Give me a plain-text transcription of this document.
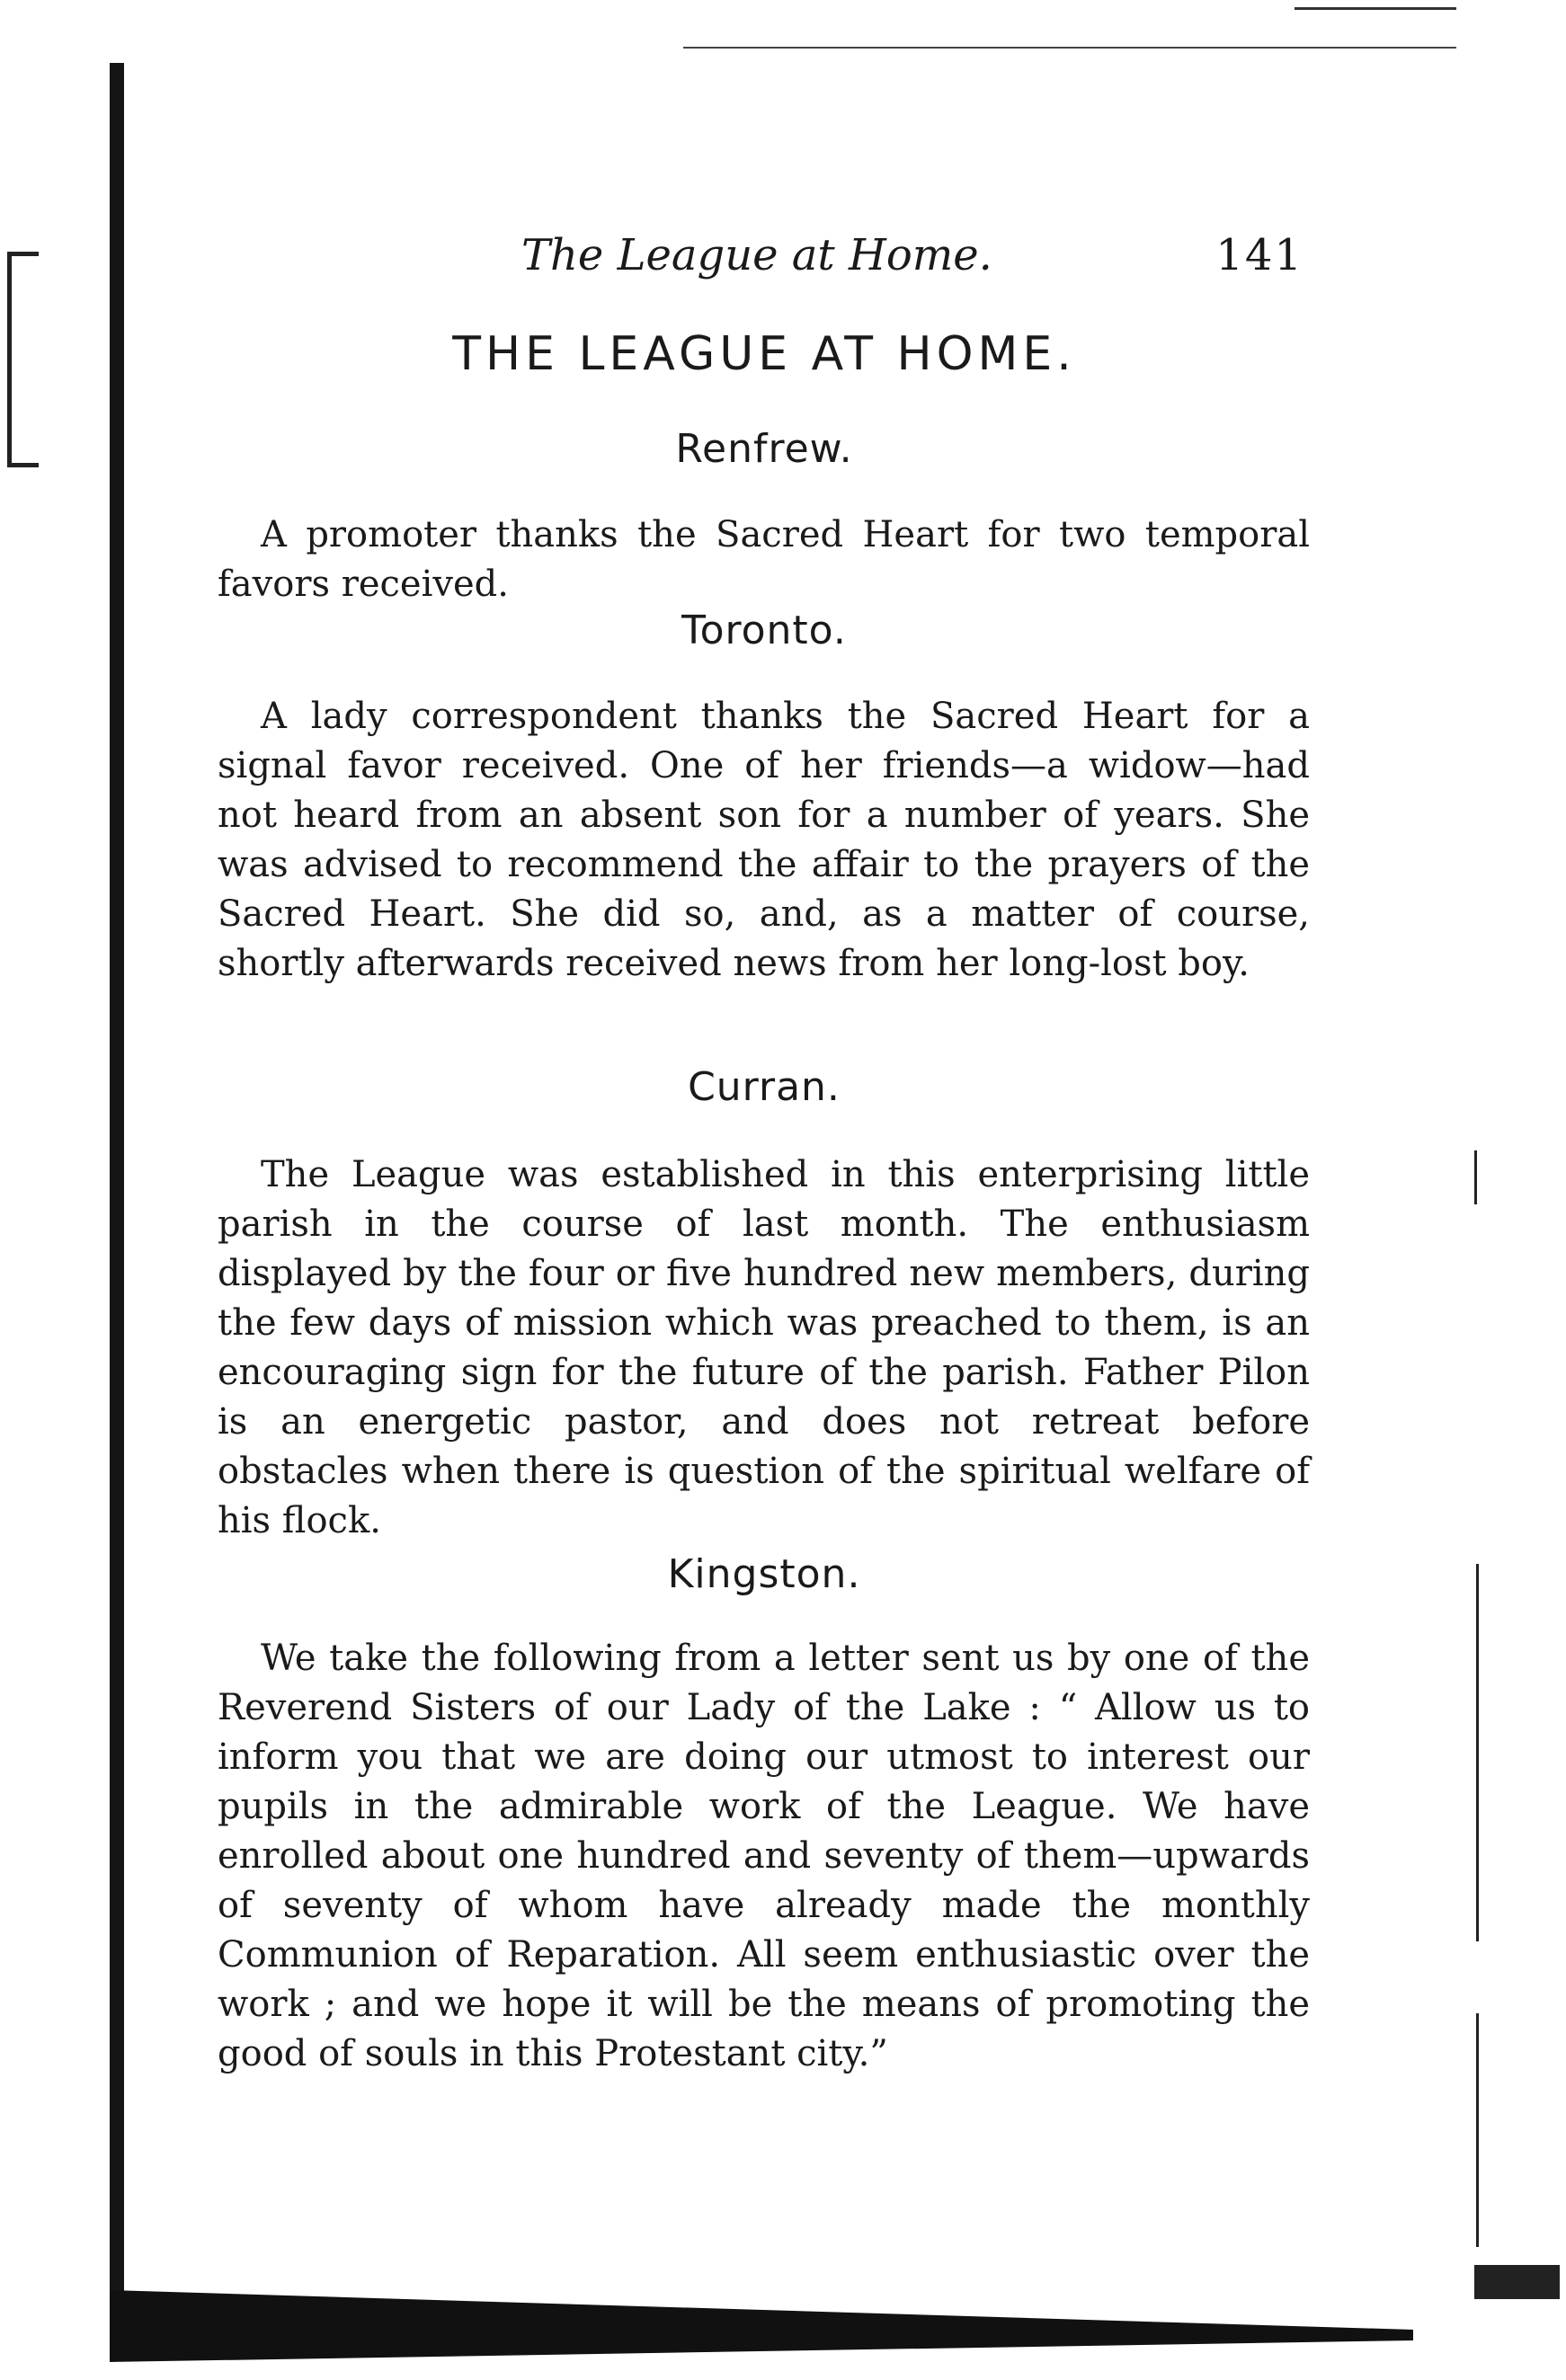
The League at Home.	141
THE LEAGUE AT HOME.
Renfrew.

A promoter thanks the Sacred Heart for two temporal favors received.

Toronto.

A lady correspondent thanks the Sacred Heart for a signal favor received. One of her friends—a widow—had not heard from an absent son for a number of years. She was advised to recommend the affair to the prayers of the Sacred Heart. She did so, and, as a matter of course, shortly afterwards received news from her long-lost boy.

Curran.

The League was established in this enterprising little parish in the course of last month. The enthusiasm displayed by the four or five hundred new members, during the few days of mission which was preached to them, is an encouraging sign for the future of the parish. Father Pilon is an energetic pastor, and does not retreat before obstacles when there is question of the spiritual welfare of his flock.

Kingston.

We take the following from a letter sent us by one of the Reverend Sisters of our Lady of the Lake : “ Allow us to inform you that we are doing our utmost to interest our pupils in the admirable work of the League. We have enrolled about one hundred and seventy of them—upwards of seventy of whom have already made the monthly Communion of Reparation. All seem enthusiastic over the work ; and we hope it will be the means of promoting the good of souls in this Protestant city.”
